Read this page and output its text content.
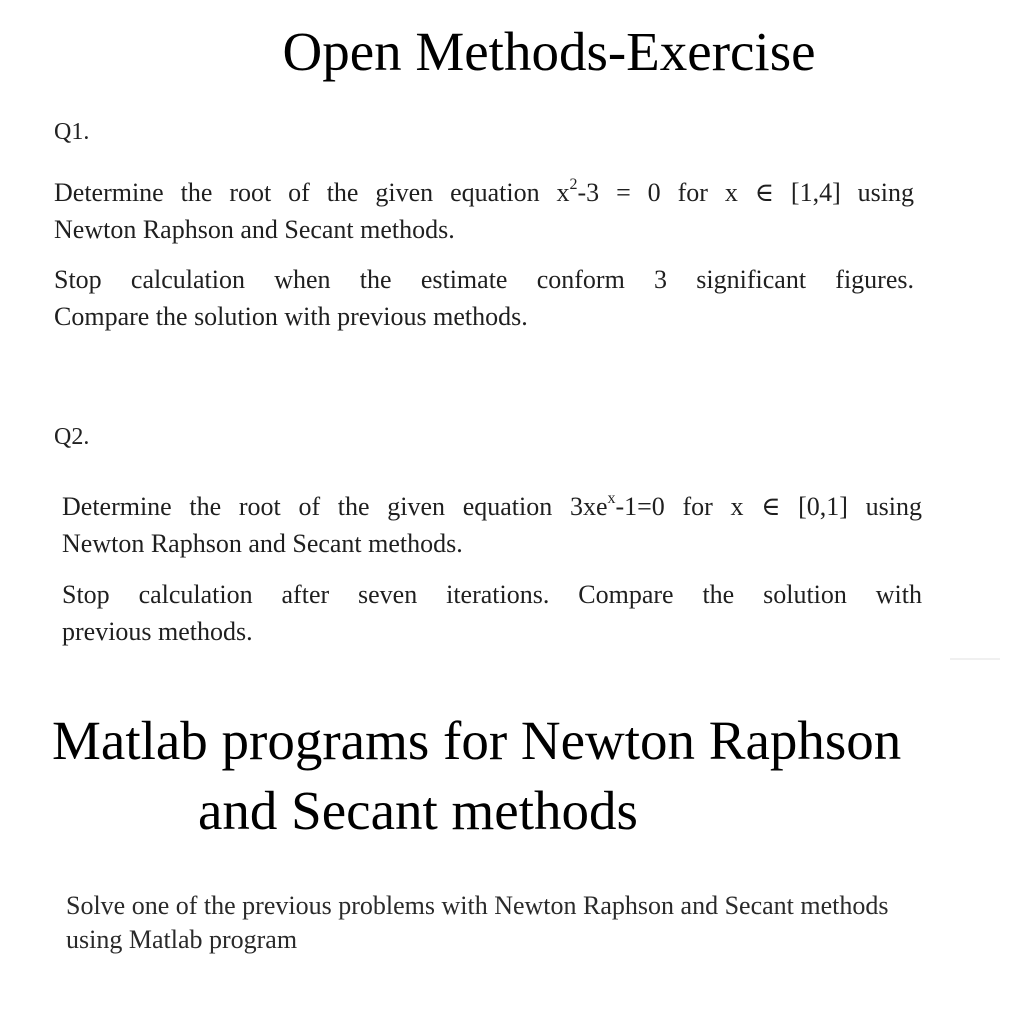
Open Methods-Exercise
Q1.
Determine the root of the given equation $x^2-3 = 0$ for x ∈ [1,4] using
Newton Raphson and Secant methods.
Stop calculation when the estimate conform 3 significant figures.
Compare the solution with previous methods.
Q2.
Determine the root of the given equation $3xe^x-1=0$ for x ∈ [0,1] using
Newton Raphson and Secant methods.
Stop calculation after seven iterations. Compare the solution with
previous methods.
Matlab programs for Newton Raphson
and Secant methods
Solve one of the previous problems with Newton Raphson and Secant methods
using Matlab program
